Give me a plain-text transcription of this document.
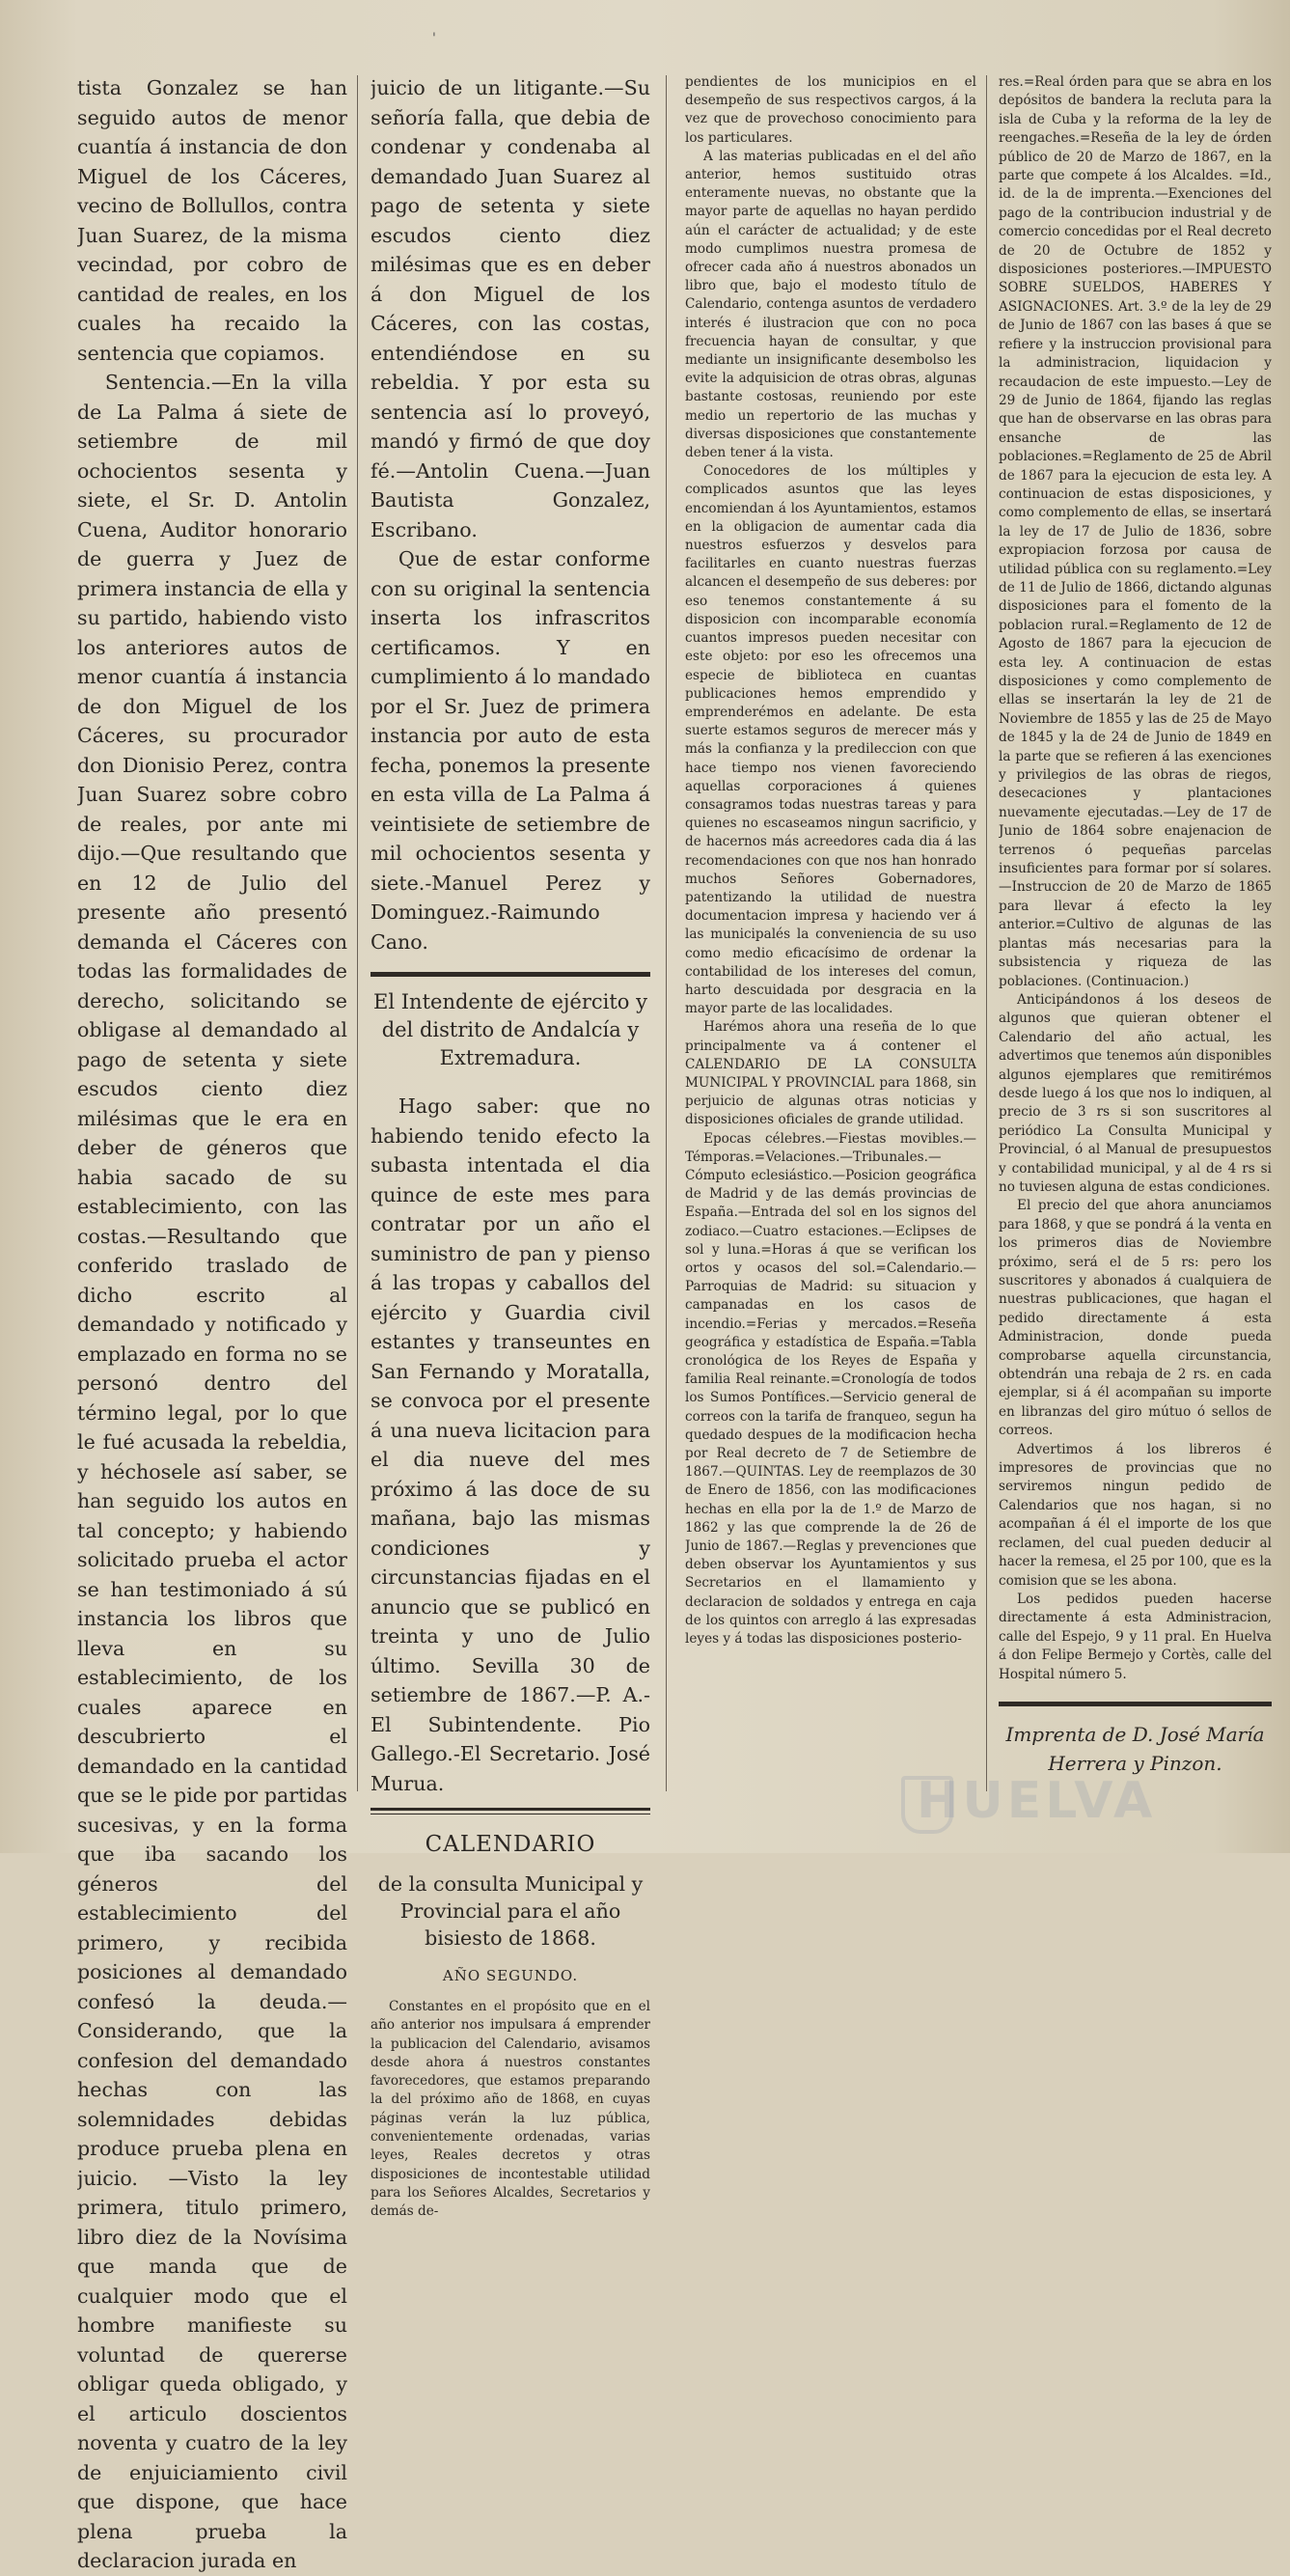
'

tista Gonzalez se han seguido autos de menor cuantía á instancia de don Miguel de los Cáceres, vecino de Bollullos, contra Juan Suarez, de la misma vecindad, por cobro de cantidad de reales, en los cuales ha recaido la sentencia que copiamos.

Sentencia.—En la villa de La Palma á siete de setiembre de mil ochocientos sesenta y siete, el Sr. D. Antolin Cuena, Auditor honorario de guerra y Juez de primera instancia de ella y su partido, habiendo visto los anteriores autos de menor cuantía á instancia de don Miguel de los Cáceres, su procurador don Dionisio Perez, contra Juan Suarez sobre cobro de reales, por ante mi dijo.—Que resultando que en 12 de Julio del presente año presentó demanda el Cáceres con todas las formalidades de derecho, solicitando se obligase al demandado al pago de setenta y siete escudos ciento diez milésimas que le era en deber de géneros que habia sacado de su establecimiento, con las costas.—Resultando que conferido traslado de dicho escrito al demandado y notificado y emplazado en forma no se personó dentro del término legal, por lo que le fué acusada la rebeldia, y héchosele así saber, se han seguido los autos en tal concepto; y habiendo solicitado prueba el actor se han testimoniado á sú instancia los libros que lleva en su establecimiento, de los cuales aparece en descubrierto el demandado en la cantidad que se le pide por partidas sucesivas, y en la forma que iba sacando los géneros del establecimiento del primero, y recibida posiciones al demandado confesó la deuda.—Considerando, que la confesion del demandado hechas con las solemnidades debidas produce prueba plena en juicio. —Visto la ley primera, titulo primero, libro diez de la Novísima que manda que de cualquier modo que el hombre manifieste su voluntad de quererse obligar queda obligado, y el articulo doscientos noventa y cuatro de la ley de enjuiciamiento civil que dispone, que hace plena prueba la declaracion jurada en

juicio de un litigante.—Su señoría falla, que debia de condenar y condenaba al demandado Juan Suarez al pago de setenta y siete escudos ciento diez milésimas que es en deber á don Miguel de los Cáceres, con las costas, entendiéndose en su rebeldia. Y por esta su sentencia así lo proveyó, mandó y firmó de que doy fé.—Antolin Cuena.—Juan Bautista Gonzalez, Escribano.

Que de estar conforme con su original la sentencia inserta los infrascritos certificamos. Y en cumplimiento á lo mandado por el Sr. Juez de primera instancia por auto de esta fecha, ponemos la presente en esta villa de La Palma á veintisiete de setiembre de mil ochocientos sesenta y siete.-Manuel Perez y Dominguez.-Raimundo Cano.

El Intendente de ejército y del distrito de Andalcía y Extremadura.

Hago saber: que no habiendo tenido efecto la subasta intentada el dia quince de este mes para contratar por un año el suministro de pan y pienso á las tropas y caballos del ejército y Guardia civil estantes y transeuntes en San Fernando y Moratalla, se convoca por el presente á una nueva licitacion para el dia nueve del mes próximo á las doce de su mañana, bajo las mismas condiciones y circunstancias fijadas en el anuncio que se publicó en treinta y uno de Julio último. Sevilla 30 de setiembre de 1867.—P. A.-El Subintendente. Pio Gallego.-El Secretario. José Murua.

CALENDARIO
de la consulta Municipal y Provincial para el año bisiesto de 1868.
AÑO SEGUNDO.

Constantes en el propósito que en el año anterior nos impulsara á emprender la publicacion del Calendario, avisamos desde ahora á nuestros constantes favorecedores, que estamos preparando la del próximo año de 1868, en cuyas páginas verán la luz pública, convenientemente ordenadas, varias leyes, Reales decretos y otras disposiciones de incontestable utilidad para los Señores Alcaldes, Secretarios y demás de-

pendientes de los municipios en el desempeño de sus respectivos cargos, á la vez que de provechoso conocimiento para los particulares.

A las materias publicadas en el del año anterior, hemos sustituido otras enteramente nuevas, no obstante que la mayor parte de aquellas no hayan perdido aún el carácter de actualidad; y de este modo cumplimos nuestra promesa de ofrecer cada año á nuestros abonados un libro que, bajo el modesto título de Calendario, contenga asuntos de verdadero interés é ilustracion que con no poca frecuencia hayan de consultar, y que mediante un insignificante desembolso les evite la adquisicion de otras obras, algunas bastante costosas, reuniendo por este medio un repertorio de las muchas y diversas disposiciones que constantemente deben tener á la vista.

Conocedores de los múltiples y complicados asuntos que las leyes encomiendan á los Ayuntamientos, estamos en la obligacion de aumentar cada dia nuestros esfuerzos y desvelos para facilitarles en cuanto nuestras fuerzas alcancen el desempeño de sus deberes: por eso tenemos constantemente á su disposicion con incomparable economía cuantos impresos pueden necesitar con este objeto: por eso les ofrecemos una especie de biblioteca en cuantas publicaciones hemos emprendido y emprenderémos en adelante. De esta suerte estamos seguros de merecer más y más la confianza y la predileccion con que hace tiempo nos vienen favoreciendo aquellas corporaciones á quienes consagramos todas nuestras tareas y para quienes no escaseamos ningun sacrificio, y de hacernos más acreedores cada dia á las recomendaciones con que nos han honrado muchos Señores Gobernadores, patentizando la utilidad de nuestra documentacion impresa y haciendo ver á las municipalés la conveniencia de su uso como medio eficacísimo de ordenar la contabilidad de los intereses del comun, harto descuidada por desgracia en la mayor parte de las localidades.

Harémos ahora una reseña de lo que principalmente va á contener el CALENDARIO DE LA CONSULTA MUNICIPAL Y PROVINCIAL para 1868, sin perjuicio de algunas otras noticias y disposiciones oficiales de grande utilidad.

Epocas célebres.—Fiestas movibles.—Témporas.=Velaciones.—Tribunales.—Cómputo eclesiástico.—Posicion geográfica de Madrid y de las demás provincias de España.—Entrada del sol en los signos del zodiaco.—Cuatro estaciones.—Eclipses de sol y luna.=Horas á que se verifican los ortos y ocasos del sol.=Calendario.—Parroquias de Madrid: su situacion y campanadas en los casos de incendio.=Ferias y mercados.=Reseña geográfica y estadística de España.=Tabla cronológica de los Reyes de España y familia Real reinante.=Cronología de todos los Sumos Pontífices.—Servicio general de correos con la tarifa de franqueo, segun ha quedado despues de la modificacion hecha por Real decreto de 7 de Setiembre de 1867.—QUINTAS. Ley de reemplazos de 30 de Enero de 1856, con las modificaciones hechas en ella por la de 1.º de Marzo de 1862 y las que comprende la de 26 de Junio de 1867.—Reglas y prevenciones que deben observar los Ayuntamientos y sus Secretarios en el llamamiento y declaracion de soldados y entrega en caja de los quintos con arreglo á las expresadas leyes y á todas las disposiciones posterio-

res.=Real órden para que se abra en los depósitos de bandera la recluta para la isla de Cuba y la reforma de la ley de reengaches.=Reseña de la ley de órden público de 20 de Marzo de 1867, en la parte que compete á los Alcaldes. =Id., id. de la de imprenta.—Exenciones del pago de la contribucion industrial y de comercio concedidas por el Real decreto de 20 de Octubre de 1852 y disposiciones posteriores.—IMPUESTO SOBRE SUELDOS, HABERES Y ASIGNACIONES. Art. 3.º de la ley de 29 de Junio de 1867 con las bases á que se refiere y la instruccion provisional para la administracion, liquidacion y recaudacion de este impuesto.—Ley de 29 de Junio de 1864, fijando las reglas que han de observarse en las obras para ensanche de las poblaciones.=Reglamento de 25 de Abril de 1867 para la ejecucion de esta ley. A continuacion de estas disposiciones, y como complemento de ellas, se insertará la ley de 17 de Julio de 1836, sobre expropiacion forzosa por causa de utilidad pública con su reglamento.=Ley de 11 de Julio de 1866, dictando algunas disposiciones para el fomento de la poblacion rural.=Reglamento de 12 de Agosto de 1867 para la ejecucion de esta ley. A continuacion de estas disposiciones y como complemento de ellas se insertarán la ley de 21 de Noviembre de 1855 y las de 25 de Mayo de 1845 y la de 24 de Junio de 1849 en la parte que se refieren á las exenciones y privilegios de las obras de riegos, desecaciones y plantaciones nuevamente ejecutadas.—Ley de 17 de Junio de 1864 sobre enajenacion de terrenos ó pequeñas parcelas insuficientes para formar por sí solares.—Instruccion de 20 de Marzo de 1865 para llevar á efecto la ley anterior.=Cultivo de algunas de las plantas más necesarias para la subsistencia y riqueza de las poblaciones. (Continuacion.)

Anticipándonos á los deseos de algunos que quieran obtener el Calendario del año actual, les advertimos que tenemos aún disponibles algunos ejemplares que remitirémos desde luego á los que nos lo indiquen, al precio de 3 rs si son suscritores al periódico La Consulta Municipal y Provincial, ó al Manual de presupuestos y contabilidad municipal, y al de 4 rs si no tuviesen alguna de estas condiciones.

El precio del que ahora anunciamos para 1868, y que se pondrá á la venta en los primeros dias de Noviembre próximo, será el de 5 rs: pero los suscritores y abonados á cualquiera de nuestras publicaciones, que hagan el pedido directamente á esta Administracion, donde pueda comprobarse aquella circunstancia, obtendrán una rebaja de 2 rs. en cada ejemplar, si á él acompañan su importe en libranzas del giro mútuo ó sellos de correos.

Advertimos á los libreros é impresores de provincias que no serviremos ningun pedido de Calendarios que nos hagan, si no acompañan á él el importe de los que reclamen, del cual pueden deducir al hacer la remesa, el 25 por 100, que es la comision que se les abona.

Los pedidos pueden hacerse directamente á esta Administracion, calle del Espejo, 9 y 11 pral. En Huelva á don Felipe Bermejo y Cortès, calle del Hospital número 5.

Imprenta de D. José María
Herrera y Pinzon.
HUELVA
